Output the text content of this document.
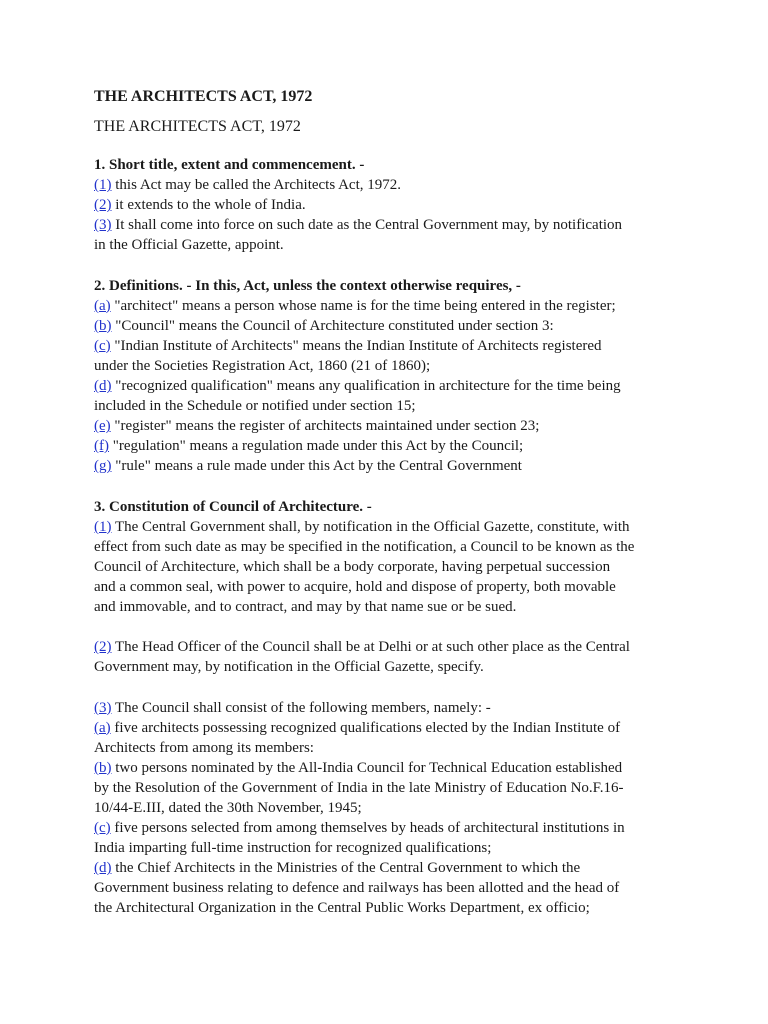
THE ARCHITECTS ACT, 1972
THE ARCHITECTS ACT, 1972
1. Short title, extent and commencement. -
(1) this Act may be called the Architects Act, 1972.
(2) it extends to the whole of India.
(3) It shall come into force on such date as the Central Government may, by notification
in the Official Gazette, appoint.
2. Definitions. - In this, Act, unless the context otherwise requires, -
(a) "architect" means a person whose name is for the time being entered in the register;
(b) "Council" means the Council of Architecture constituted under section 3:
(c) "Indian Institute of Architects" means the Indian Institute of Architects registered
under the Societies Registration Act, 1860 (21 of 1860);
(d) "recognized qualification" means any qualification in architecture for the time being
included in the Schedule or notified under section 15;
(e) "register" means the register of architects maintained under section 23;
(f) "regulation" means a regulation made under this Act by the Council;
(g) "rule" means a rule made under this Act by the Central Government
3. Constitution of Council of Architecture. -
(1) The Central Government shall, by notification in the Official Gazette, constitute, with
effect from such date as may be specified in the notification, a Council to be known as the
Council of Architecture, which shall be a body corporate, having perpetual succession
and a common seal, with power to acquire, hold and dispose of property, both movable
and immovable, and to contract, and may by that name sue or be sued.
(2) The Head Officer of the Council shall be at Delhi or at such other place as the Central
Government may, by notification in the Official Gazette, specify.
(3) The Council shall consist of the following members, namely: -
(a) five architects possessing recognized qualifications elected by the Indian Institute of
Architects from among its members:
(b) two persons nominated by the All-India Council for Technical Education established
by the Resolution of the Government of India in the late Ministry of Education No.F.16-
10/44-E.III, dated the 30th November, 1945;
(c) five persons selected from among themselves by heads of architectural institutions in
India imparting full-time instruction for recognized qualifications;
(d) the Chief Architects in the Ministries of the Central Government to which the
Government business relating to defence and railways has been allotted and the head of
the Architectural Organization in the Central Public Works Department, ex officio;
